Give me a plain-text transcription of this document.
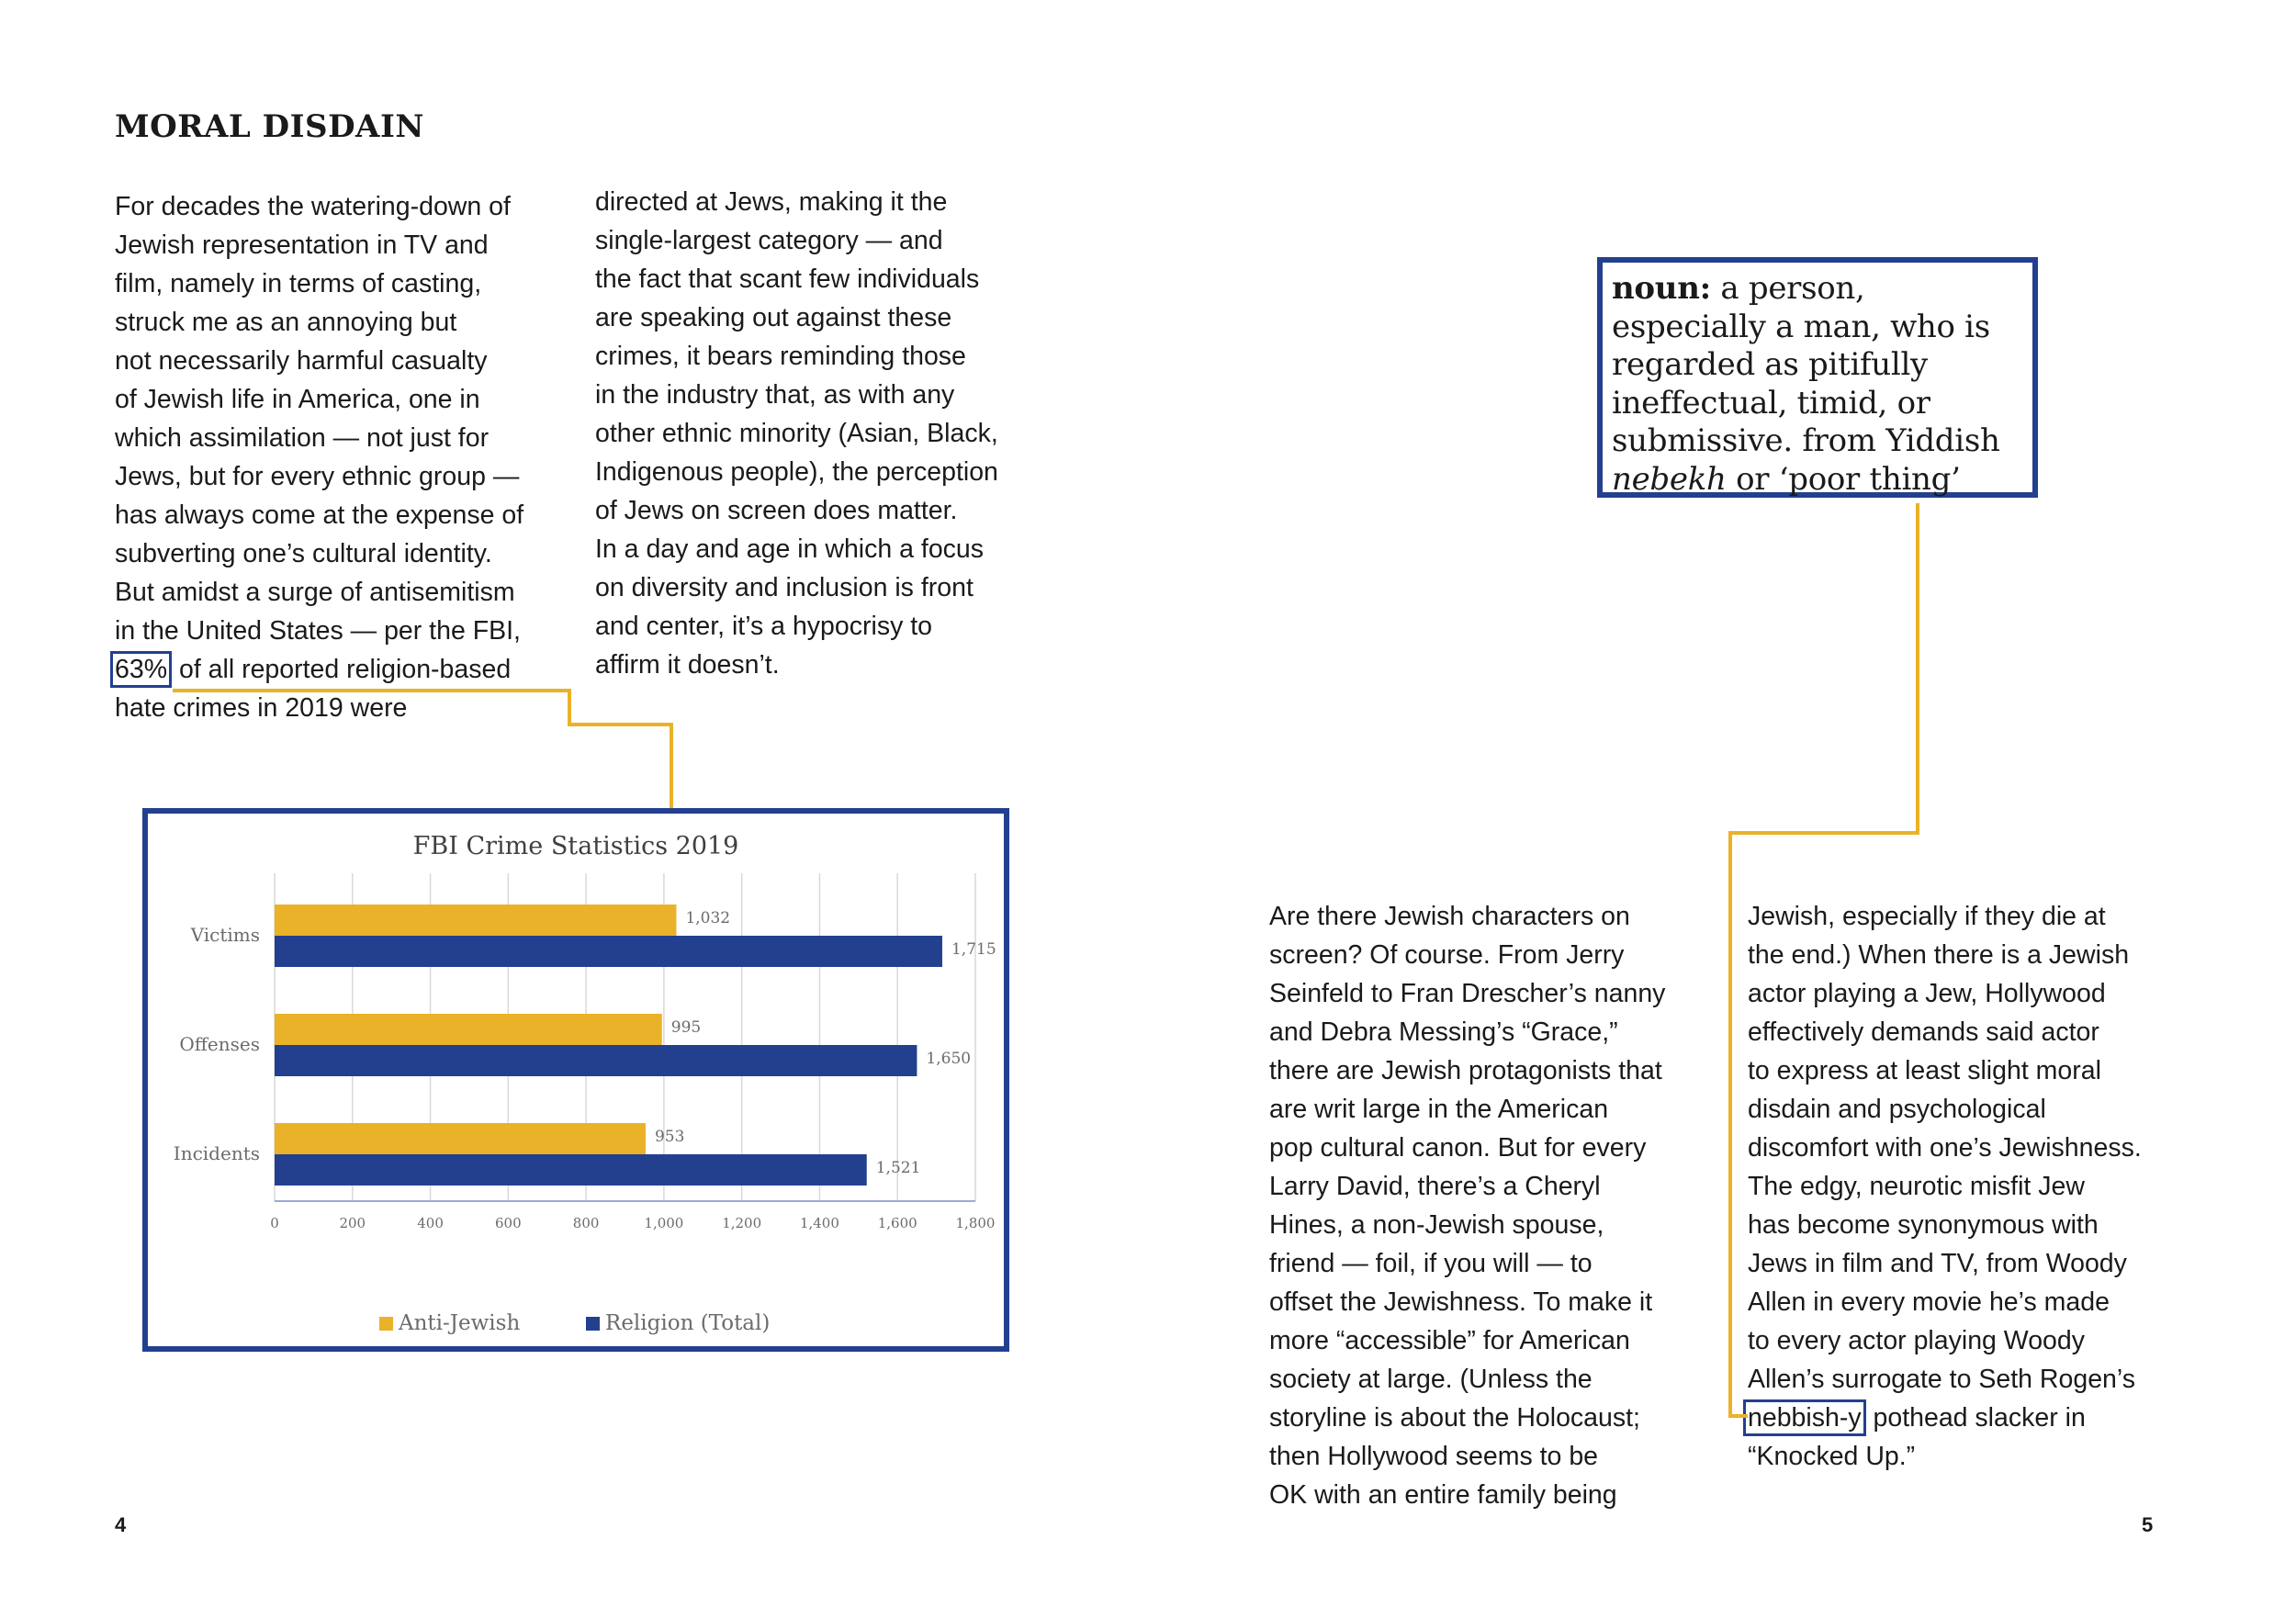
MORAL DISDAIN

For decades the watering-down of
Jewish representation in TV and
film, namely in terms of casting,
struck me as an annoying but
not necessarily harmful casualty
of Jewish life in America, one in
which assimilation — not just for
Jews, but for every ethnic group —
has always come at the expense of
subverting one’s cultural identity.
But amidst a surge of antisemitism
in the United States — per the FBI,
63% of all reported religion-based
hate crimes in 2019 were

directed at Jews, making it the
single-largest category — and
the fact that scant few individuals
are speaking out against these
crimes, it bears reminding those
in the industry that, as with any
other ethnic minority (Asian, Black,
Indigenous people), the perception
of Jews on screen does matter.
In a day and age in which a focus
on diversity and inclusion is front
and center, it’s a hypocrisy to
affirm it doesn’t.

noun: a person, especially a man, who is regarded as pitifully ineffectual, timid, or submissive. from Yiddish nebekh or ‘poor thing’

Are there Jewish characters on
screen? Of course. From Jerry
Seinfeld to Fran Drescher’s nanny
and Debra Messing’s “Grace,”
there are Jewish protagonists that
are writ large in the American
pop cultural canon. But for every
Larry David, there’s a Cheryl
Hines, a non-Jewish spouse,
friend — foil, if you will — to
offset the Jewishness. To make it
more “accessible” for American
society at large. (Unless the
storyline is about the Holocaust;
then Hollywood seems to be
OK with an entire family being

Jewish, especially if they die at
the end.) When there is a Jewish
actor playing a Jew, Hollywood
effectively demands said actor
to express at least slight moral
disdain and psychological
discomfort with one’s Jewishness.
The edgy, neurotic misfit Jew
has become synonymous with
Jews in film and TV, from Woody
Allen in every movie he’s made
to every actor playing Woody
Allen’s surrogate to Seth Rogen’s
nebbish-y pothead slacker in
“Knocked Up.”

FBI Crime Statistics 2019
0	200	400	600	800	1,000	1,200	1,400	1,600	1,800
Victims
1,032
1,715
Offenses
995
1,650
Incidents
953
1,521
Anti-Jewish	Religion (Total)

4	5
